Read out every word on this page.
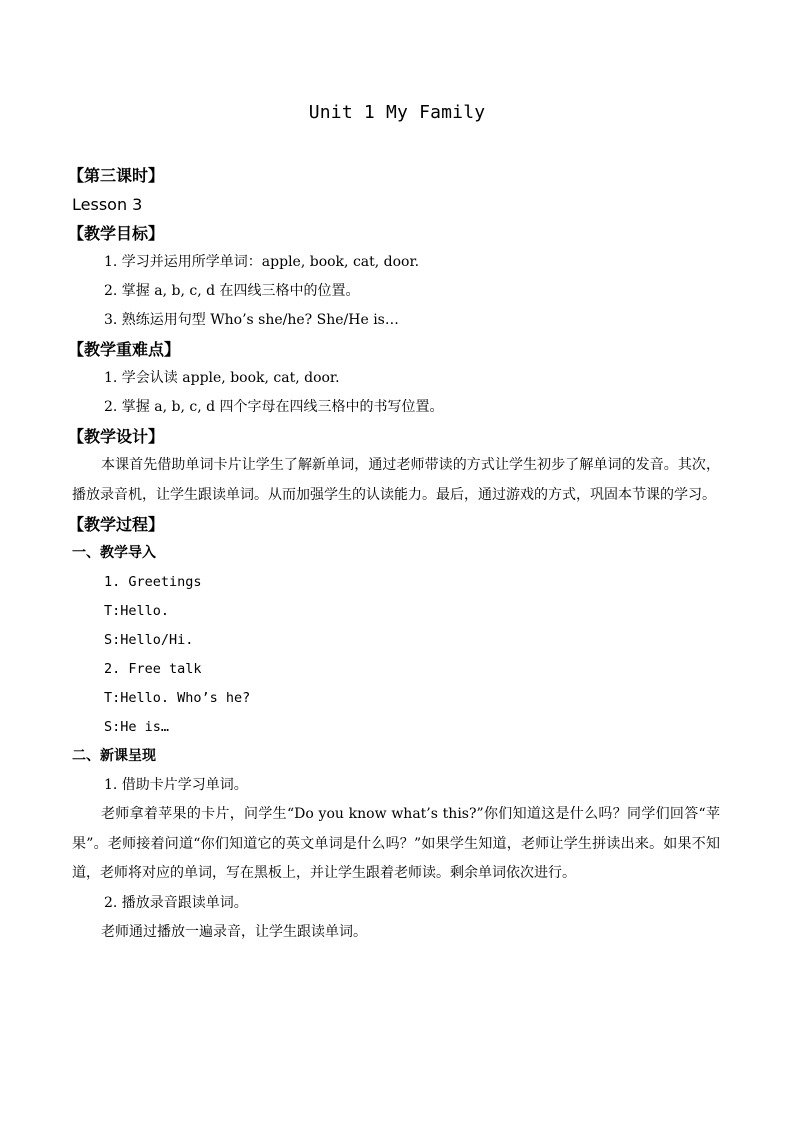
Unit 1 My Family
【第三课时】
Lesson 3
【教学目标】
1. 学习并运用所学单词：apple, book, cat, door.
2. 掌握 a, b, c, d 在四线三格中的位置。
3. 熟练运用句型 Who’s she/he? She/He is…
【教学重难点】
1. 学会认读 apple, book, cat, door.
2. 掌握 a, b, c, d 四个字母在四线三格中的书写位置。
【教学设计】
本课首先借助单词卡片让学生了解新单词，通过老师带读的方式让学生初步了解单词的发音。其次，播放录音机，让学生跟读单词。从而加强学生的认读能力。最后，通过游戏的方式，巩固本节课的学习。
【教学过程】
一、教学导入
1. Greetings
T:Hello.
S:Hello/Hi.
2. Free talk
T:Hello. Who’s he?
S:He is…
二、新课呈现
1. 借助卡片学习单词。
老师拿着苹果的卡片，问学生“Do you know what’s this?”你们知道这是什么吗？同学们回答“苹果”。老师接着问道“你们知道它的英文单词是什么吗？”如果学生知道，老师让学生拼读出来。如果不知道，老师将对应的单词，写在黑板上，并让学生跟着老师读。剩余单词依次进行。
2. 播放录音跟读单词。
老师通过播放一遍录音，让学生跟读单词。
